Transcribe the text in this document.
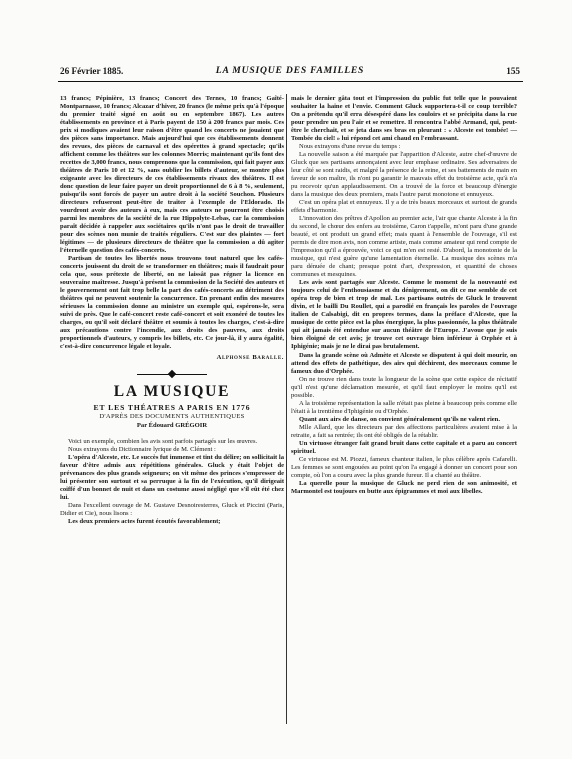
26 Février 1885.	LA MUSIQUE DES FAMILLES	155

13 francs; Pépinière, 13 francs; Concert des Ternes, 10 francs; Gaîté-Montparnasse, 10 francs; Alcazar d'hiver, 20 francs (le même prix qu'à l'époque du premier traité signé en août ou en septembre 1867). Les autres établissements en province et à Paris payent de 150 à 200 francs par mois. Ces prix si modiques avaient leur raison d'être quand les concerts ne jouaient que des pièces sans importance. Mais aujourd'hui que ces établissements donnent des revues, des pièces de carnaval et des opérettes à grand spectacle; qu'ils affichent comme les théâtres sur les colonnes Morris; maintenant qu'ils font des recettes de 3,000 francs, nous comprenons que la commission, qui fait payer aux théâtres de Paris 10 et 12 %, sans oublier les billets d'auteur, se montre plus exigeante avec les directeurs de ces établissements rivaux des théâtres. Il est donc question de leur faire payer un droit proportionnel de 6 à 8 %, seulement, puisqu'ils sont forcés de payer un autre droit à la société Souchon. Plusieurs directeurs refuseront peut-être de traiter à l'exemple de l'Eldorado. Ils vourdront avoir des auteurs à eux, mais ces auteurs ne pourront être choisis parmi les membres de la société de la rue Hippolyte-Lebas, car la commission paraît décidée à rappeler aux sociétaires qu'ils n'ont pas le droit de travailler pour des scènes non munie de traités réguliers. C'est sur des plaintes — fort légitimes — de plusieurs directeurs de théâtre que la commission a dû agiter l'éternelle question des cafés-concerts.

Partisan de toutes les libertés nous trouvons tout naturel que les cafés-concerts jouissent du droit de se transformer en théâtres; mais il faudrait pour cela que, sous prétexte de liberté, on ne laissât pas régner la licence en souveraine maîtresse. Jusqu'à présent la commission de la Société des auteurs et le gouvernement ont fait trop belle la part des cafés-concerts au détriment des théâtres qui ne peuvent soutenir la concurrence. En prenant enfin des mesures sérieuses la commission donne au ministre un exemple qui, espérons-le, sera suivi de près. Que le café-concert reste café-concert et soit exonéré de toutes les charges, ou qu'il soit déclaré théâtre et soumis à toutes les charges, c'est-à-dire aux précautions contre l'incendie, aux droits des pauvres, aux droits proportionnels d'auteurs, y compris les billets, etc. Ce jour-là, il y aura égalité, c'est-à-dire concurrence légale et loyale.

Alphonse Baralle.
LA MUSIQUE
ET LES THÉATRES A PARIS EN 1776
D'APRÈS DES DOCUMENTS AUTHENTIQUES
Par Édouard GRÉGOIR

Voici un exemple, combien les avis sont parfois partagés sur les œuvres.

Nous extrayons du Dictionnaire lyrique de M. Clément :

L'opéra d'Alceste, etc. Le succès fut immense et tint du délire; on sollicitait la faveur d'être admis aux répétitions générales. Gluck y était l'objet de prévenances des plus grands seigneurs; on vit même des princes s'empresser de lui présenter son surtout et sa perruque à la fin de l'exécution, qu'il dirigeait coiffé d'un bonnet de nuit et dans un costume aussi négligé que s'il eût été chez lui.

Dans l'excellent ouvrage de M. Gustave Desnoiresterres, Gluck et Piccini (Paris, Didier et Cie), nous lisons :

Les deux premiers actes furent écoutés favorablement;

mais le dernier gâta tout et l'impression du public fut telle que le pouvaient souhaiter la haine et l'envie. Comment Gluck supportera-t-il ce coup terrible? On a prétendu qu'il erra désespéré dans les couloirs et se précipita dans la rue pour prendre un peu l'air et se remettre. Il rencontra l'abbé Armand, qui, peut-être le cherchait, et se jeta dans ses bras en pleurant : « Alceste est tombée! — Tombée du ciel! » lui répond cet ami chaud en l'embrassant.

Nous extrayons d'une revue du temps :

La nouvelle saison a été marquée par l'apparition d'Alceste, autre chef-d'œuvre de Gluck que ses partisans annonçaient avec leur emphase ordinaire. Ses adversaires de leur côté se sont raidis, et malgré la présence de la reine, et ses battements de main en faveur de son maître, ils n'ont pu garantir le mauvais effet du troisième acte, qu'à n'a pu recevoir qu'un applaudissement. On a trouvé de la force et beaucoup d'énergie dans la musique des deux premiers, mais l'autre parut monotone et ennuyeux.

C'est un opéra plat et ennuyeux. Il y a de très beaux morceaux et surtout de grands effets d'harmonie.

L'innovation des prêtres d'Apollon au premier acte, l'air que chante Alceste à la fin du second, le chœur des enfers au troisième, Caron t'appelle, m'ont paru d'une grande beauté, et ont produit un grand effet; mais quant à l'ensemble de l'ouvrage, s'il est permis de dire mon avis, non comme artiste, mais comme amateur qui rend compte de l'impression qu'il a éprouvée, voici ce qui m'en est resté. D'abord, la monotonie de la musique, qui n'est guère qu'une lamentation éternelle. La musique des scènes m'a paru dénuée de chant; presque point d'art, d'expression, et quantité de choses communes et mesquines.

Les avis sont partagés sur Alceste. Comme le moment de la nouveauté est toujours celui de l'enthousiasme et du dénigrement, on dit ce me semble de cet opéra trop de bien et trop de mal. Les partisans outrés de Gluck le trouvent divin, et le bailli Du Roullet, qui a parodié en français les paroles de l'ouvrage italien de Calsabigi, dit en propres termes, dans la préface d'Alceste, que la musique de cette pièce est la plus énergique, la plus passionnée, la plus théâtrale qui ait jamais été entendue sur aucun théâtre de l'Europe. J'avoue que je suis bien éloigné de cet avis; je trouve cet ouvrage bien inférieur à Orphée et à Iphigénie; mais je ne le dirai pas brutalement.

Dans la grande scène où Admète et Alceste se disputent à qui doit mourir, on attend des effets de pathétique, des airs qui déchirent, des morceaux comme le fameux duo d'Orphée.

On ne trouve rien dans toute la longueur de la scène que cette espèce de récitatif qu'il n'est qu'une déclamation mesurée, et qu'il faut employer le moins qu'il est possible.

A la troisième représentation la salle n'était pas pleine à beaucoup près comme elle l'était à la trentième d'Iphigénie ou d'Orphée.

Quant aux airs de danse, on convient généralement qu'ils ne valent rien.

Mlle Allard, que les directeurs par des affections particulières avaient mise à la retraite, a fait sa rentrée; ils ont été obligés de la rétablir.

Un virtuose étranger fait grand bruit dans cette capitale et a paru au concert spirituel.

Ce virtuose est M. Piozzi, fameux chanteur italien, le plus célèbre après Cafarelli. Les femmes se sont engouées au point qu'on l'a engagé à donner un concert pour son compte, où l'on a couru avec la plus grande fureur. Il a chanté au théâtre.

La querelle pour la musique de Gluck ne perd rien de son animosité, et Marmontel est toujours en butte aux épigrammes et moi aux libelles.
